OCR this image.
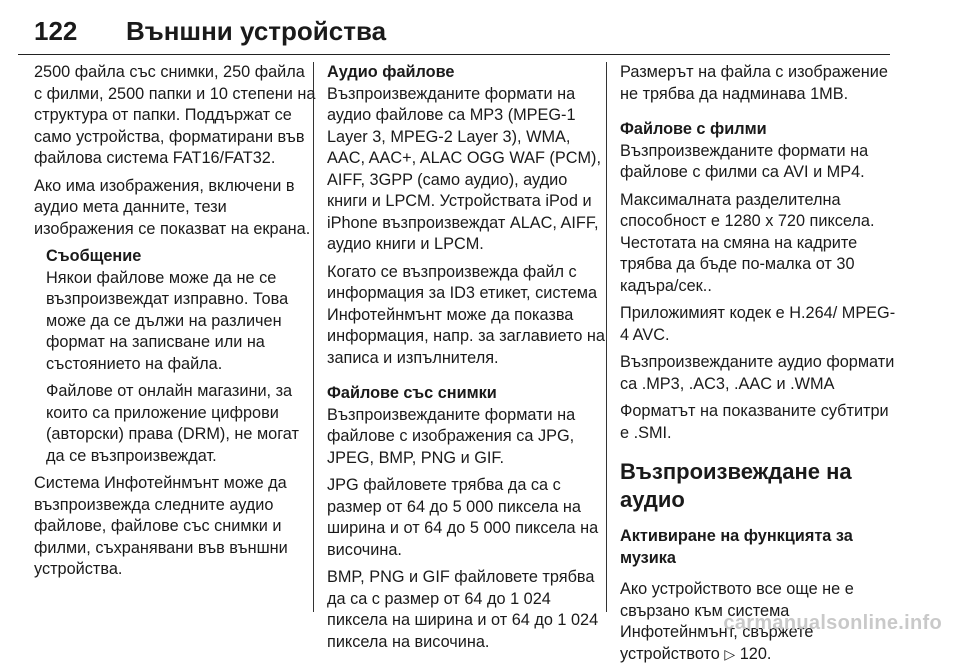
122 Външни устройства

2500 файла със снимки, 250 файла с филми, 2500 папки и 10 степени на структура от папки. Поддържат се само устройства, форматирани във файлова система FAT16/FAT32.

Ако има изображения, включени в аудио мета данните, тези изображения се показват на екрана.

Съобщение

Някои файлове може да не се възпроизвеждат изправно. Това може да се дължи на различен формат на записване или на състоянието на файла.

Файлове от онлайн магазини, за които са приложение цифрови (авторски) права (DRM), не могат да се възпроизвеждат.

Система Инфотейнмънт може да възпроизвежда следните аудио файлове, файлове със снимки и филми, съхранявани във външни устройства.

Аудио файлове

Възпроизвежданите формати на аудио файлове са MP3 (MPEG-1 Layer 3, MPEG-2 Layer 3), WMA, AAC, AAC+, ALAC OGG WAF (PCM), AIFF, 3GPP (само аудио), аудио книги и LPCM. Устройствата iPod и iPhone възпроизвеждат ALAC, AIFF, аудио книги и LPCM.

Когато се възпроизвежда файл с информация за ID3 етикет, система Инфотейнмънт може да показва информация, напр. за заглавието на записа и изпълнителя.

Файлове със снимки

Възпроизвежданите формати на файлове с изображения са JPG, JPEG, BMP, PNG и GIF.

JPG файловете трябва да са с размер от 64 до 5 000 пиксела на ширина и от 64 до 5 000 пиксела на височина.

BMP, PNG и GIF файловете трябва да са с размер от 64 до 1 024 пиксела на ширина и от 64 до 1 024 пиксела на височина.

Размерът на файла с изображение не трябва да надминава 1MB.

Файлове с филми

Възпроизвежданите формати на файлове с филми са AVI и MP4.

Максималната разделителна способност е 1280 x 720 пиксела. Честотата на смяна на кадрите трябва да бъде по-малка от 30 кадъра/сек..

Приложимият кодек е H.264/ MPEG-4 AVC.

Възпроизвежданите аудио формати са .MP3, .AC3, .AAC и .WMA

Форматът на показваните субтитри е .SMI.

Възпроизвеждане на аудио

Активиране на функцията за музика

Ако устройството все още не е свързано към система Инфотейнмънт, свържете устройството ▷ 120.

carmanualsonline.info
